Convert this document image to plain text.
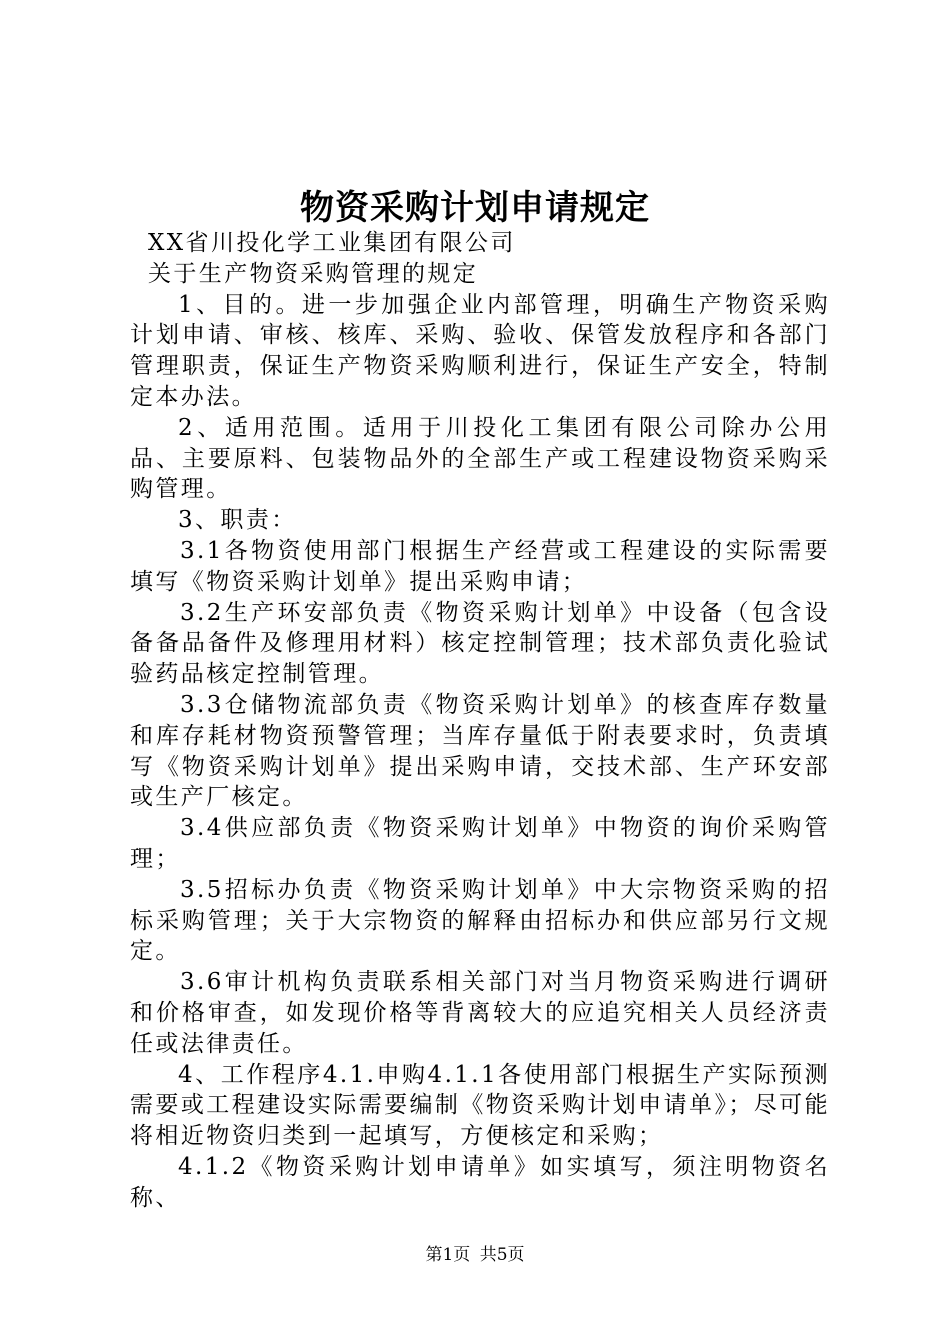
物资采购计划申请规定

XX省川投化学工业集团有限公司

关于生产物资采购管理的规定

1、目的。进一步加强企业内部管理，明确生产物资采购计划申请、审核、核库、采购、验收、保管发放程序和各部门管理职责，保证生产物资采购顺利进行，保证生产安全，特制定本办法。

2、适用范围。适用于川投化工集团有限公司除办公用品、主要原料、包装物品外的全部生产或工程建设物资采购采购管理。

3、职责：

3.1各物资使用部门根据生产经营或工程建设的实际需要填写《物资采购计划单》提出采购申请；

3.2生产环安部负责《物资采购计划单》中设备（包含设备备品备件及修理用材料）核定控制管理；技术部负责化验试验药品核定控制管理。

3.3仓储物流部负责《物资采购计划单》的核查库存数量和库存耗材物资预警管理；当库存量低于附表要求时，负责填写《物资采购计划单》提出采购申请，交技术部、生产环安部或生产厂核定。

3.4供应部负责《物资采购计划单》中物资的询价采购管理；

3.5招标办负责《物资采购计划单》中大宗物资采购的招标采购管理；关于大宗物资的解释由招标办和供应部另行文规定。

3.6审计机构负责联系相关部门对当月物资采购进行调研和价格审查，如发现价格等背离较大的应追究相关人员经济责任或法律责任。

4、工作程序4.1.申购4.1.1各使用部门根据生产实际预测需要或工程建设实际需要编制《物资采购计划申请单》；尽可能将相近物资归类到一起填写，方便核定和采购；

4.1.2《物资采购计划申请单》如实填写，须注明物资名称、

第1页 共5页
